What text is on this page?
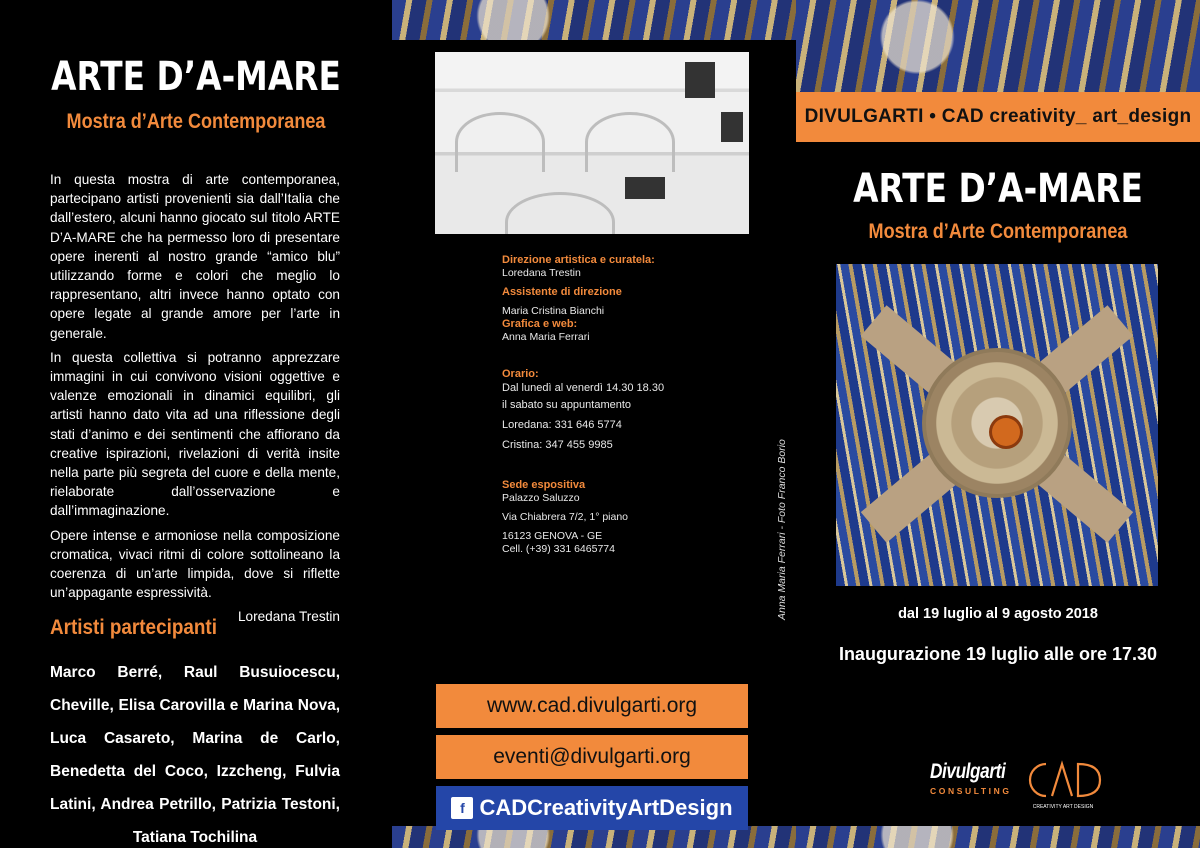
ARTE D’A-MARE
Mostra d’Arte Contemporanea

In questa mostra di arte contemporanea, partecipano artisti provenienti sia dall’Italia che dall’estero, alcuni hanno giocato sul titolo ARTE D’A-MARE che ha permesso loro di presentare opere inerenti al nostro grande “amico blu” utilizzando forme e colori che meglio lo rappresentano, altri invece hanno optato con opere legate al grande amore per l’arte in generale.

In questa collettiva si potranno apprezzare immagini in cui convivono visioni oggettive e valenze emozionali in dinamici equilibri, gli artisti hanno dato vita ad una riflessione degli stati d’animo e dei sentimenti che affiorano da creative ispirazioni, rivelazioni di verità insite nella parte più segreta del cuore e della mente, rielaborate dall’osservazione e dall’immaginazione.

Opere intense e armoniose nella composizione cromatica, vivaci ritmi di colore sottolineano la coerenza di un’arte limpida, dove si riflette un’appagante espressività.

Loredana Trestin

Artisti partecipanti
Marco Berré, Raul Busuiocescu, Cheville, Elisa Carovilla e Marina Nova, Luca Casareto, Marina de Carlo, Benedetta del Coco, Izzcheng, Fulvia Latini, Andrea Petrillo, Patrizia Testoni, Tatiana Tochilina
Direzione artistica e curatela:
Loredana Trestin
Assistente di direzione
Maria Cristina Bianchi
Grafica e web:
Anna Maria Ferrari
Orario:
Dal lunedì al venerdì 14.30 18.30
il sabato su appuntamento
Loredana: 331 646 5774
Cristina: 347 455 9985
Sede espositiva
Palazzo Saluzzo
Via Chiabrera 7/2, 1° piano
16123 GENOVA - GE
Cell. (+39) 331 6465774	Anna Maria Ferrari - Foto Franco Borio
www.cad.divulgarti.org
eventi@divulgarti.org
f CADCreativityArtDesign
DIVULGARTI • CAD creativity_ art_design
ARTE D’A-MARE
Mostra d’Arte Contemporanea
dal 19 luglio al 9 agosto 2018
Inaugurazione 19 luglio alle ore 17.30
Divulgarti
CONSULTING
CREATIVITY ART DESIGN
